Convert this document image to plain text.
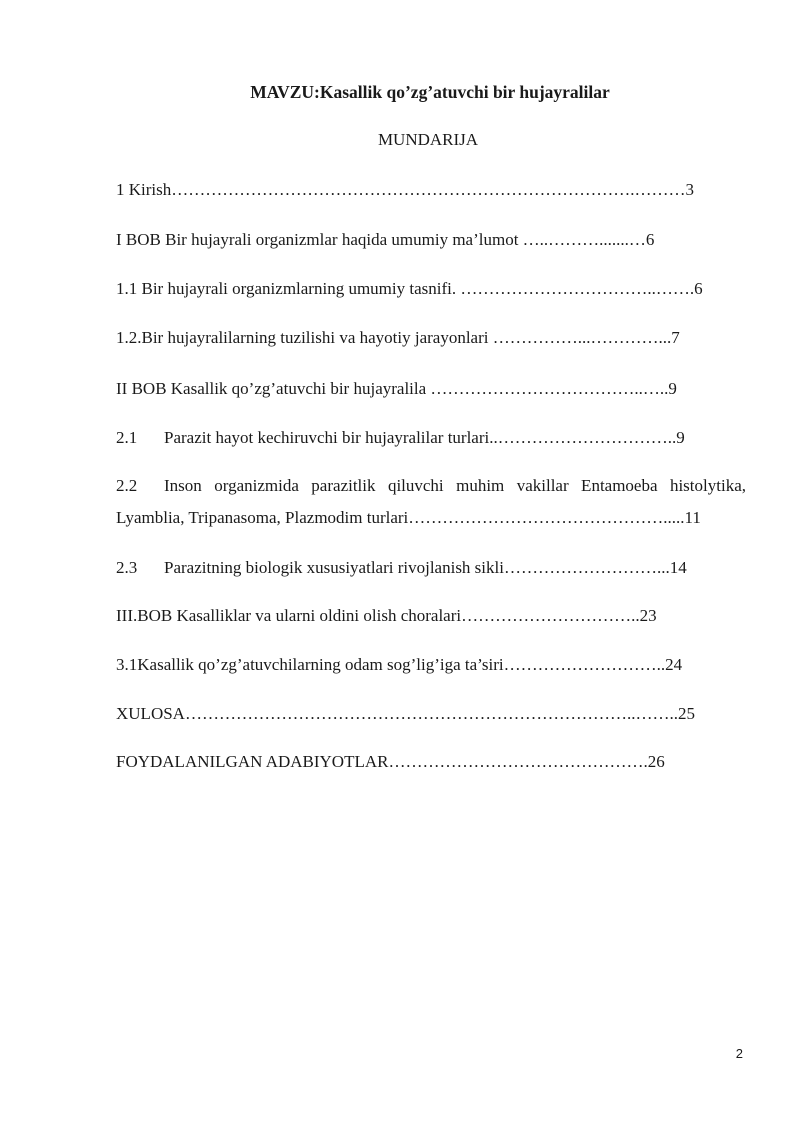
MAVZU:Kasallik qo’zg’atuvchi bir hujayralilar
MUNDARIJA

1 Kirish……………………………………………………………………….………3

I BOB Bir hujayrali organizmlar haqida umumiy ma’lumot …..……….......…6

1.1 Bir hujayrali organizmlarning umumiy tasnifi. ……………………………..…….6

1.2.Bir hujayralilarning tuzilishi va hayotiy jarayonlari ……………...…………...7

II BOB Kasallik qo’zg’atuvchi bir hujayralila ………………………………..…..9

2.1 Parazit hayot kechiruvchi bir hujayralilar turlari..…………………………..9

2.2 Inson organizmida parazitlik qiluvchi muhim vakillar Entamoeba histolytika, Lyamblia, Tripanasoma, Plazmodim turlari……………………………………….....11

2.3 Parazitning biologik xususiyatlari rivojlanish sikli………………………...14

III.BOB Kasalliklar va ularni oldini olish choralari…………………………..23

3.1Kasallik qo’zg’atuvchilarning odam sog’lig’iga ta’siri………………………..24

XULOSA……………………………………………………………………..……..25

FOYDALANILGAN ADABIYOTLAR……………………………………….26

2
